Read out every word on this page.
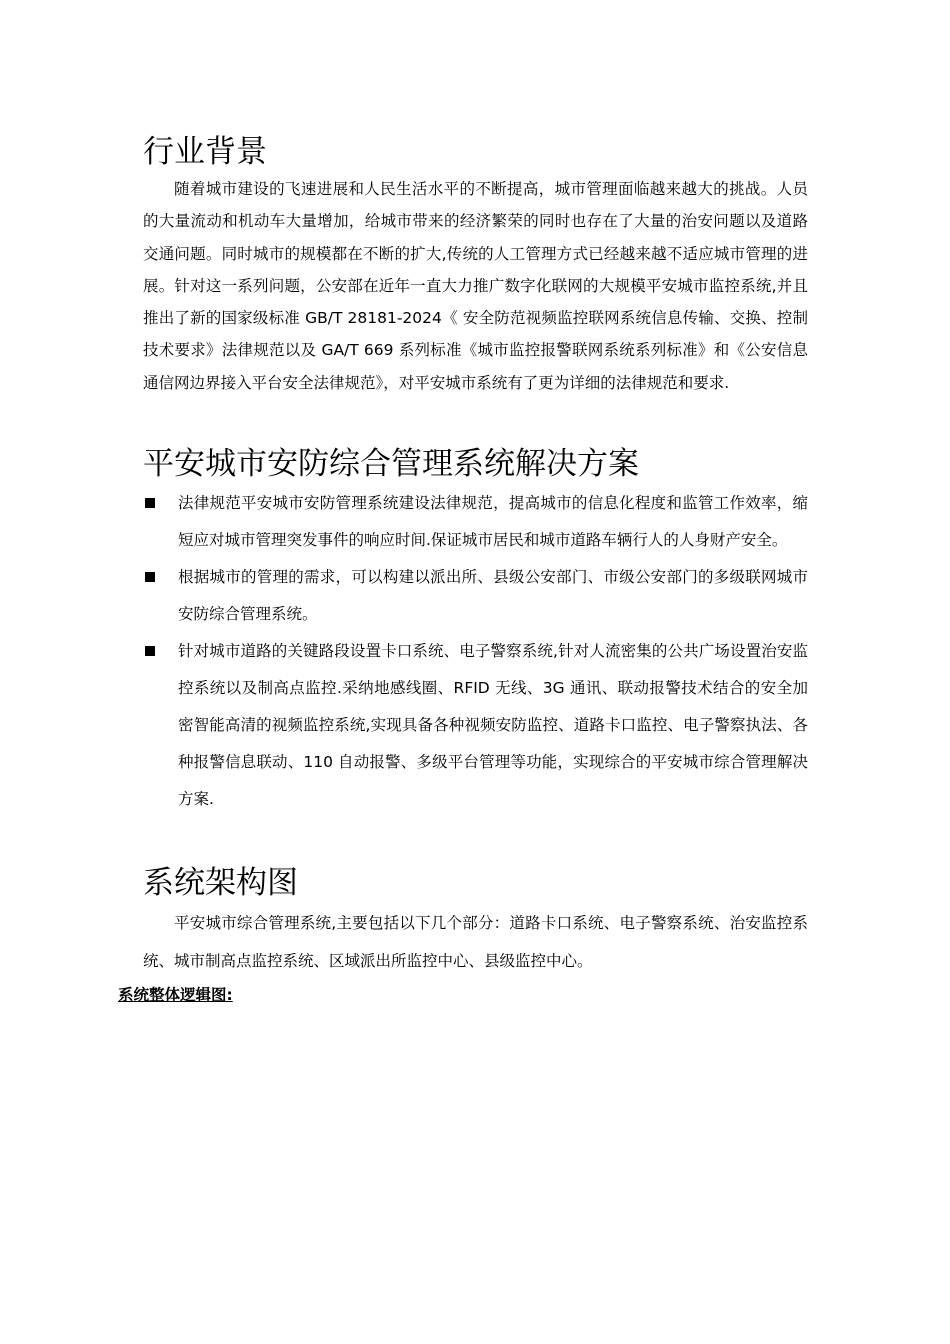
行业背景

随着城市建设的飞速进展和人民生活水平的不断提高，城市管理面临越来越大的挑战。人员的大量流动和机动车大量增加，给城市带来的经济繁荣的同时也存在了大量的治安问题以及道路交通问题。同时城市的规模都在不断的扩大,传统的人工管理方式已经越来越不适应城市管理的进展。针对这一系列问题，公安部在近年一直大力推广数字化联网的大规模平安城市监控系统,并且推出了新的国家级标准 GB/T 28181-2024《 安全防范视频监控联网系统信息传输、交换、控制技术要求》法律规范以及 GA/T 669 系列标准《城市监控报警联网系统系列标准》和《公安信息通信网边界接入平台安全法律规范》，对平安城市系统有了更为详细的法律规范和要求.

平安城市安防综合管理系统解决方案
法律规范平安城市安防管理系统建设法律规范，提高城市的信息化程度和监管工作效率，缩短应对城市管理突发事件的响应时间.保证城市居民和城市道路车辆行人的人身财产安全。
根据城市的管理的需求，可以构建以派出所、县级公安部门、市级公安部门的多级联网城市安防综合管理系统。
针对城市道路的关键路段设置卡口系统、电子警察系统,针对人流密集的公共广场设置治安监控系统以及制高点监控.采纳地感线圈、RFID 无线、3G 通讯、联动报警技术结合的安全加密智能高清的视频监控系统,实现具备各种视频安防监控、道路卡口监控、电子警察执法、各种报警信息联动、110 自动报警、多级平台管理等功能，实现综合的平安城市综合管理解决方案.
系统架构图

平安城市综合管理系统,主要包括以下几个部分：道路卡口系统、电子警察系统、治安监控系统、城市制高点监控系统、区域派出所监控中心、县级监控中心。

系统整体逻辑图:
